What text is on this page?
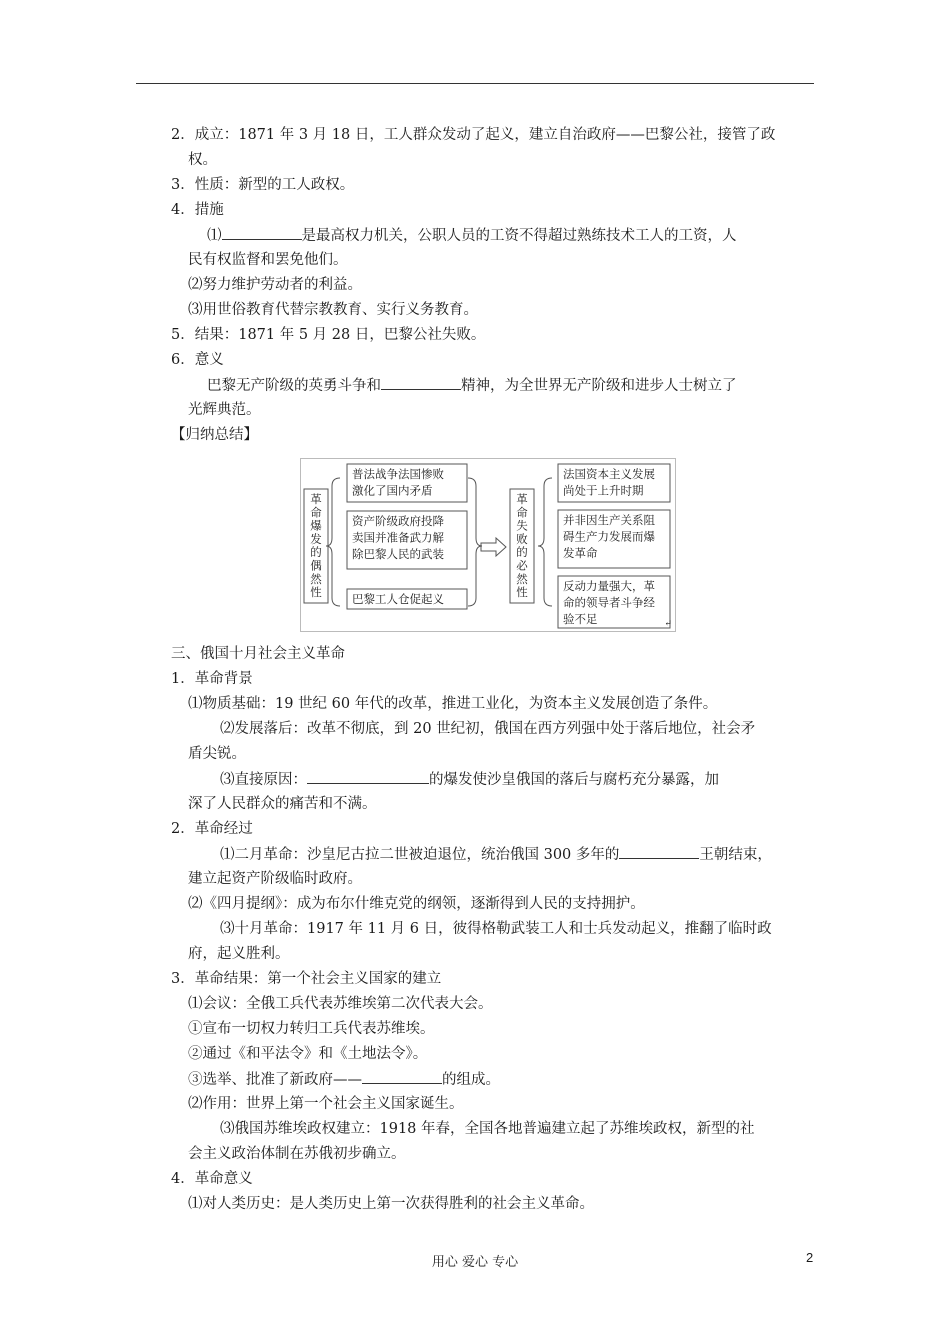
2．成立：1871 年 3 月 18 日，工人群众发动了起义，建立自治政府——巴黎公社，接管了政
权。
3．性质：新型的工人政权。
4．措施
⑴	是最高权力机关，公职人员的工资不得超过熟练技术工人的工资，人
民有权监督和罢免他们。
⑵努力维护劳动者的利益。
⑶用世俗教育代替宗教教育、实行义务教育。
5．结果：1871 年 5 月 28 日，巴黎公社失败。
6．意义
巴黎无产阶级的英勇斗争和	精神，为全世界无产阶级和进步人士树立了
光辉典范。
【归纳总结】
三、俄国十月社会主义革命
1．革命背景
⑴物质基础：19 世纪 60 年代的改革，推进工业化，为资本主义发展创造了条件。
⑵发展落后：改革不彻底，到 20 世纪初，俄国在西方列强中处于落后地位，社会矛
盾尖锐。
⑶直接原因：	的爆发使沙皇俄国的落后与腐朽充分暴露，加
深了人民群众的痛苦和不满。
2．革命经过
⑴二月革命：沙皇尼古拉二世被迫退位，统治俄国 300 多年的	王朝结束，
建立起资产阶级临时政府。
⑵《四月提纲》：成为布尔什维克党的纲领，逐渐得到人民的支持拥护。
⑶十月革命：1917 年 11 月 6 日，彼得格勒武装工人和士兵发动起义，推翻了临时政
府，起义胜利。
3．革命结果：第一个社会主义国家的建立
⑴会议：全俄工兵代表苏维埃第二次代表大会。
①宣布一切权力转归工兵代表苏维埃。
②通过《和平法令》和《土地法令》。
③选举、批准了新政府——	的组成。
⑵作用：世界上第一个社会主义国家诞生。
⑶俄国苏维埃政权建立：1918 年春，全国各地普遍建立起了苏维埃政权，新型的社
会主义政治体制在苏俄初步确立。
4．革命意义
⑴对人类历史：是人类历史上第一次获得胜利的社会主义革命。
革
命
爆
发
的
偶
然
性
普法战争法国惨败
激化了国内矛盾
资产阶级政府投降
卖国并准备武力解
除巴黎人民的武装
巴黎工人仓促起义
革
命
失
败
的
必
然
性
法国资本主义发展
尚处于上升时期
并非因生产关系阻
碍生产力发展而爆
发革命
反动力量强大，革
命的领导者斗争经
验不足	↵
用心 爱心 专心	2
